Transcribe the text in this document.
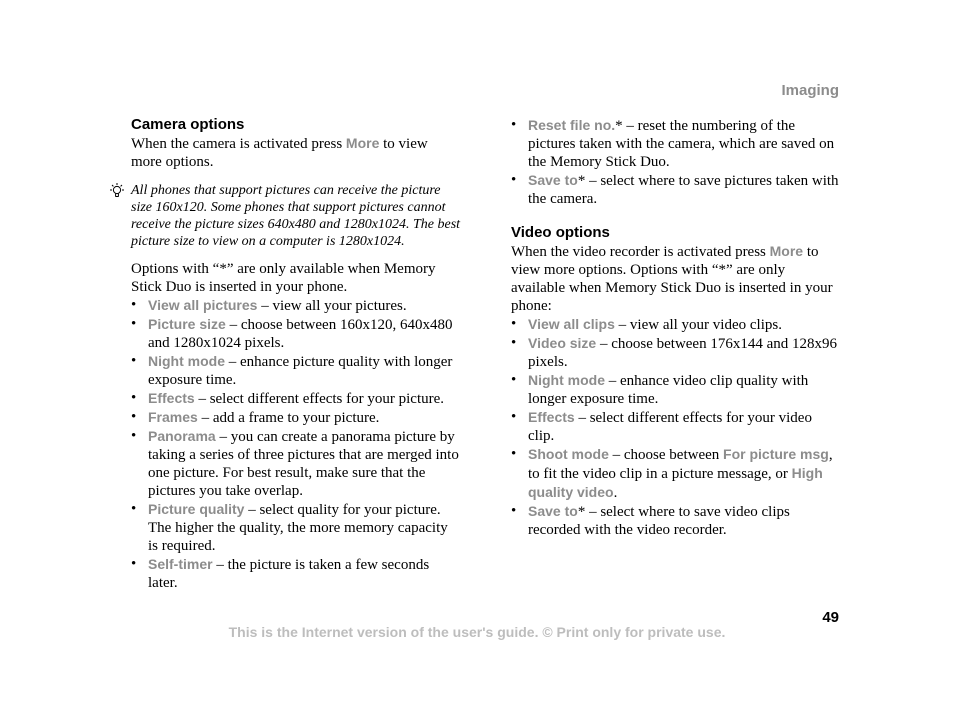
Imaging
Camera options

When the camera is activated press More to view more options.

All phones that support pictures can receive the picture size 160x120. Some phones that support pictures cannot receive the picture sizes 640x480 and 1280x1024. The best picture size to view on a computer is 1280x1024.

Options with “*” are only available when Memory Stick Duo is inserted in your phone.

• View all pictures – view all your pictures.
• Picture size – choose between 160x120, 640x480 and 1280x1024 pixels.
• Night mode – enhance picture quality with longer exposure time.
• Effects – select different effects for your picture.
• Frames – add a frame to your picture.
• Panorama – you can create a panorama picture by taking a series of three pictures that are merged into one picture. For best result, make sure that the pictures you take overlap.
• Picture quality – select quality for your picture. The higher the quality, the more memory capacity is required.
• Self-timer – the picture is taken a few seconds later.
• Reset file no.* – reset the numbering of the pictures taken with the camera, which are saved on the Memory Stick Duo.
• Save to* – select where to save pictures taken with the camera.
Video options

When the video recorder is activated press More to view more options. Options with “*” are only available when Memory Stick Duo is inserted in your phone:

• View all clips – view all your video clips.
• Video size – choose between 176x144 and 128x96 pixels.
• Night mode – enhance video clip quality with longer exposure time.
• Effects – select different effects for your video clip.
• Shoot mode – choose between For picture msg, to fit the video clip in a picture message, or High quality video.
• Save to* – select where to save video clips recorded with the video recorder.
49
This is the Internet version of the user's guide. © Print only for private use.
